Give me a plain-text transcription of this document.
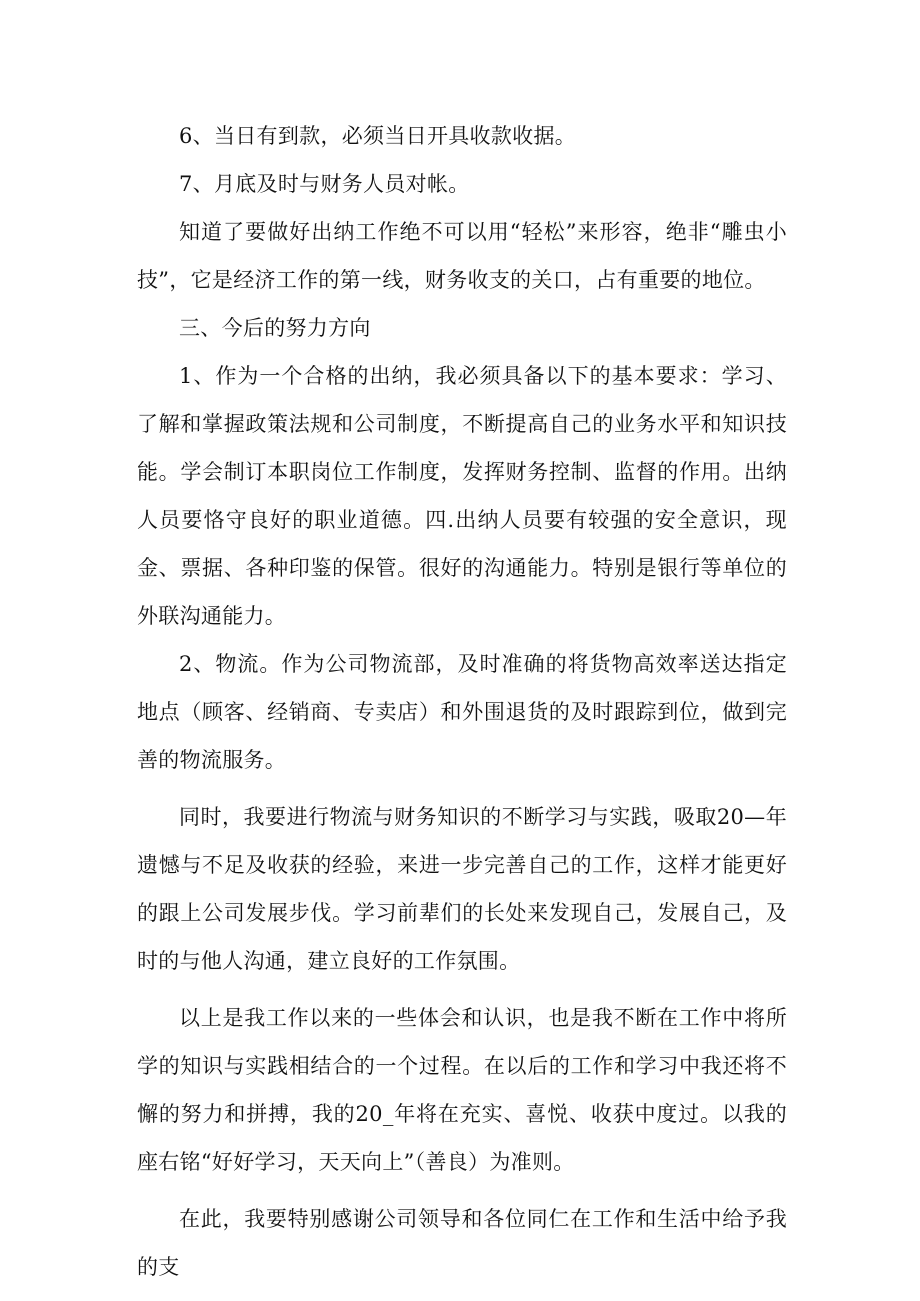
6、当日有到款，必须当日开具收款收据。

7、月底及时与财务人员对帐。

知道了要做好出纳工作绝不可以用“轻松”来形容，绝非“雕虫小技”，它是经济工作的第一线，财务收支的关口，占有重要的地位。

三、今后的努力方向

1、作为一个合格的出纳，我必须具备以下的基本要求：学习、了解和掌握政策法规和公司制度，不断提高自己的业务水平和知识技能。学会制订本职岗位工作制度，发挥财务控制、监督的作用。出纳人员要恪守良好的职业道德。四.出纳人员要有较强的安全意识，现金、票据、各种印鉴的保管。很好的沟通能力。特别是银行等单位的外联沟通能力。

2、物流。作为公司物流部，及时准确的将货物高效率送达指定地点（顾客、经销商、专卖店）和外围退货的及时跟踪到位，做到完善的物流服务。

同时，我要进行物流与财务知识的不断学习与实践，吸取20—年遗憾与不足及收获的经验，来进一步完善自己的工作，这样才能更好的跟上公司发展步伐。学习前辈们的长处来发现自己，发展自己，及时的与他人沟通，建立良好的工作氛围。

以上是我工作以来的一些体会和认识，也是我不断在工作中将所学的知识与实践相结合的一个过程。在以后的工作和学习中我还将不懈的努力和拼搏，我的20_年将在充实、喜悦、收获中度过。以我的座右铭“好好学习，天天向上”（善良）为准则。

在此，我要特别感谢公司领导和各位同仁在工作和生活中给予我的支
